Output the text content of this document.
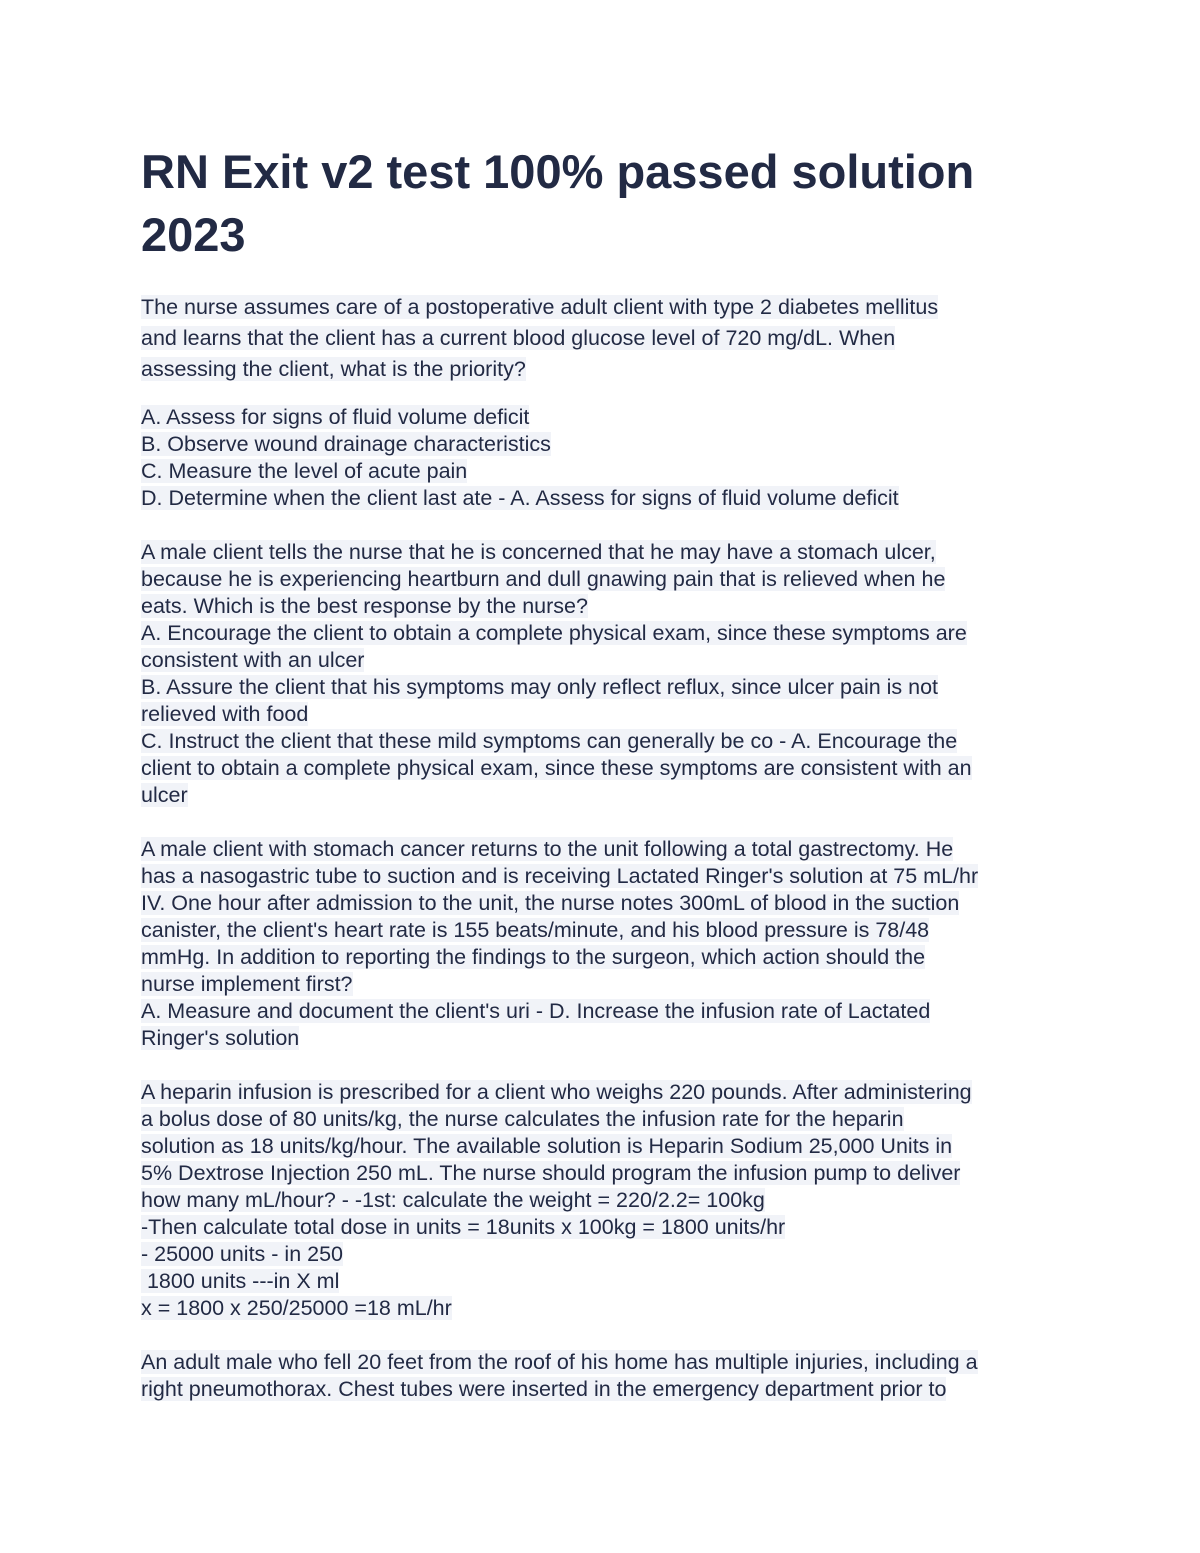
RN Exit v2 test 100% passed solution
2023
The nurse assumes care of a postoperative adult client with type 2 diabetes mellitus
and learns that the client has a current blood glucose level of 720 mg/dL. When
assessing the client, what is the priority?
A. Assess for signs of fluid volume deficit
B. Observe wound drainage characteristics
C. Measure the level of acute pain
D. Determine when the client last ate - A. Assess for signs of fluid volume deficit
A male client tells the nurse that he is concerned that he may have a stomach ulcer,
because he is experiencing heartburn and dull gnawing pain that is relieved when he
eats. Which is the best response by the nurse?
A. Encourage the client to obtain a complete physical exam, since these symptoms are
consistent with an ulcer
B. Assure the client that his symptoms may only reflect reflux, since ulcer pain is not
relieved with food
C. Instruct the client that these mild symptoms can generally be co - A. Encourage the
client to obtain a complete physical exam, since these symptoms are consistent with an
ulcer
A male client with stomach cancer returns to the unit following a total gastrectomy. He
has a nasogastric tube to suction and is receiving Lactated Ringer's solution at 75 mL/hr
IV. One hour after admission to the unit, the nurse notes 300mL of blood in the suction
canister, the client's heart rate is 155 beats/minute, and his blood pressure is 78/48
mmHg. In addition to reporting the findings to the surgeon, which action should the
nurse implement first?
A. Measure and document the client's uri - D. Increase the infusion rate of Lactated
Ringer's solution
A heparin infusion is prescribed for a client who weighs 220 pounds. After administering
a bolus dose of 80 units/kg, the nurse calculates the infusion rate for the heparin
solution as 18 units/kg/hour. The available solution is Heparin Sodium 25,000 Units in
5% Dextrose Injection 250 mL. The nurse should program the infusion pump to deliver
how many mL/hour? - -1st: calculate the weight = 220/2.2= 100kg
-Then calculate total dose in units = 18units x 100kg = 1800 units/hr
- 25000 units - in 250
1800 units ---in X ml
x = 1800 x 250/25000 =18 mL/hr
An adult male who fell 20 feet from the roof of his home has multiple injuries, including a
right pneumothorax. Chest tubes were inserted in the emergency department prior to
